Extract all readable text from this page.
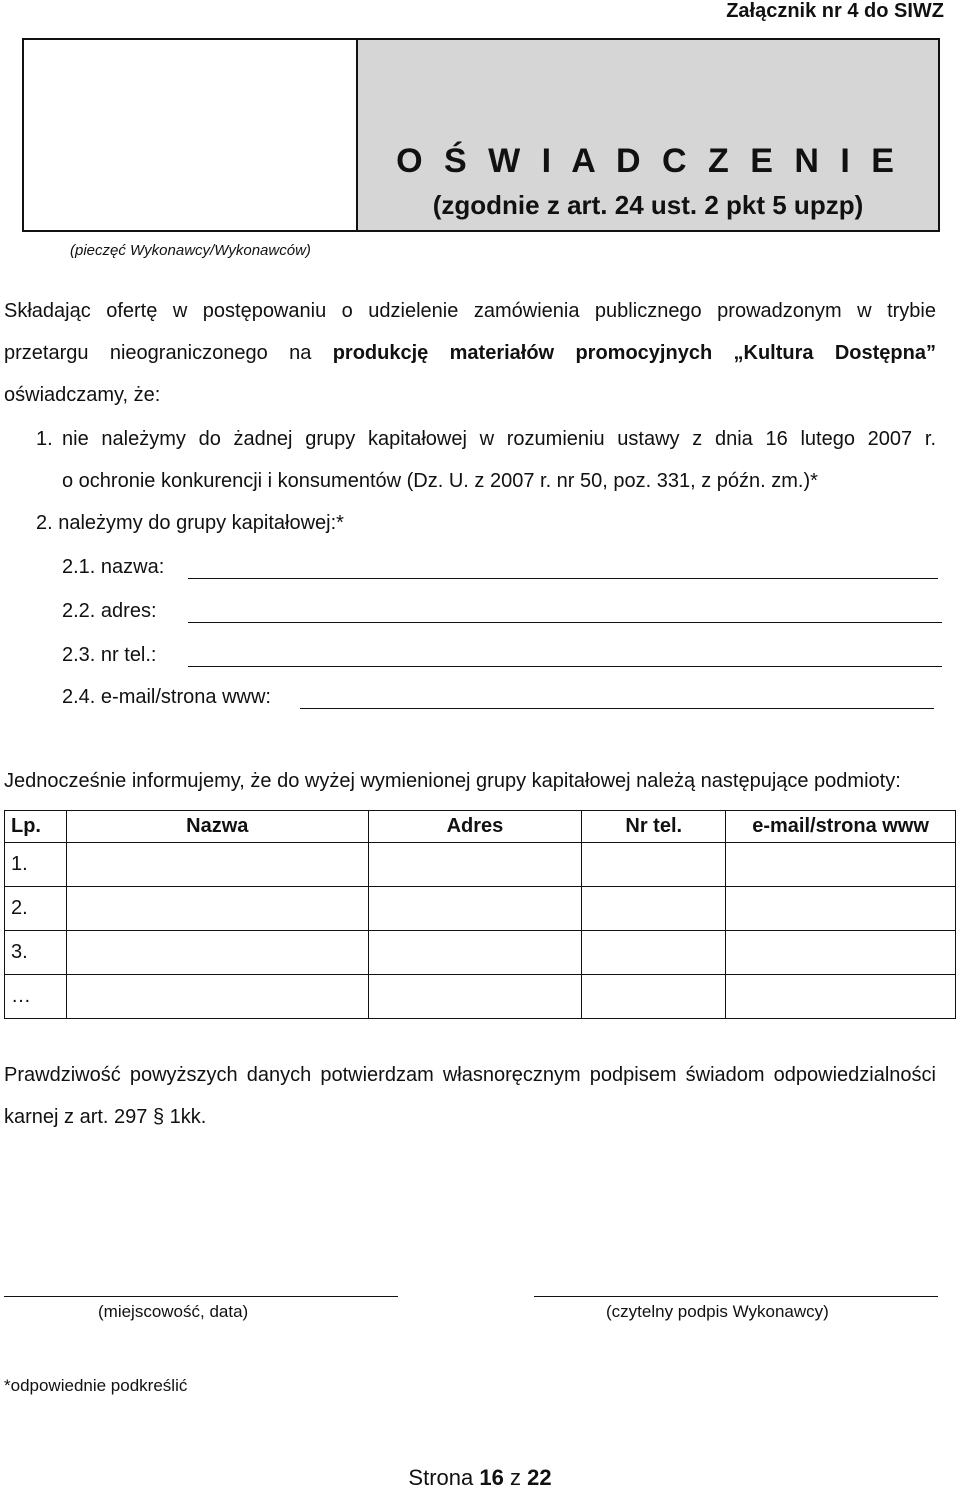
Załącznik nr 4 do SIWZ
O Ś W I A D C Z E N I E
(zgodnie z art. 24 ust. 2 pkt 5 upzp)
(pieczęć Wykonawcy/Wykonawców)
Składając ofertę w postępowaniu o udzielenie zamówienia publicznego prowadzonym w trybie
przetargu nieograniczonego na produkcję materiałów promocyjnych „Kultura Dostępna”
oświadczamy, że:
1. nie należymy do żadnej grupy kapitałowej w rozumieniu ustawy z dnia 16 lutego 2007 r.
o ochronie konkurencji i konsumentów (Dz. U. z 2007 r. nr 50, poz. 331, z późn. zm.)*
2. należymy do grupy kapitałowej:*
2.1. nazwa:
2.2. adres:
2.3. nr tel.:
2.4. e-mail/strona www:
Jednocześnie informujemy, że do wyżej wymienionej grupy kapitałowej należą następujące podmioty:
Lp.	Nazwa	Adres	Nr tel.	e-mail/strona www
1.				
2.				
3.				
…				
Prawdziwość powyższych danych potwierdzam własnoręcznym podpisem świadom odpowiedzialności
karnej z art. 297 § 1kk.
(miejscowość, data)	(czytelny podpis Wykonawcy)
*odpowiednie podkreślić
Strona 16 z 22
